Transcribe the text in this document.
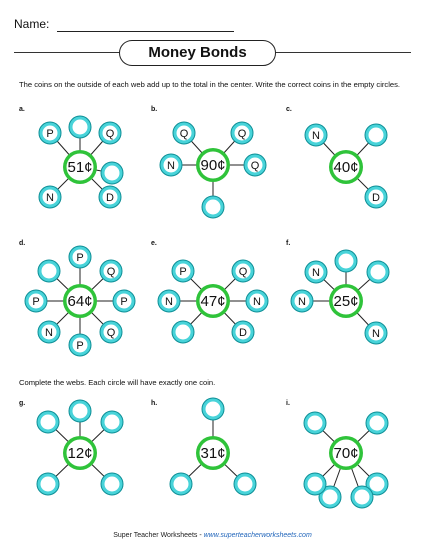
Name:
Money Bonds
The coins on the outside of each web add up to the total in the center. Write the correct coins in the empty circles.
Complete the webs. Each circle will have exactly one coin.
a.	b.	c.
d.	e.	f.
g.	h.	i.
P	Q
D
N
51¢
Q	Q
Q
N 90¢
N
D
40¢
P
Q
P
Q
P
N
P 64¢
P	Q
N
D
N 47¢
N
N
N 25¢
12¢	31¢	70¢
Super Teacher Worksheets - www.superteacherworksheets.com
